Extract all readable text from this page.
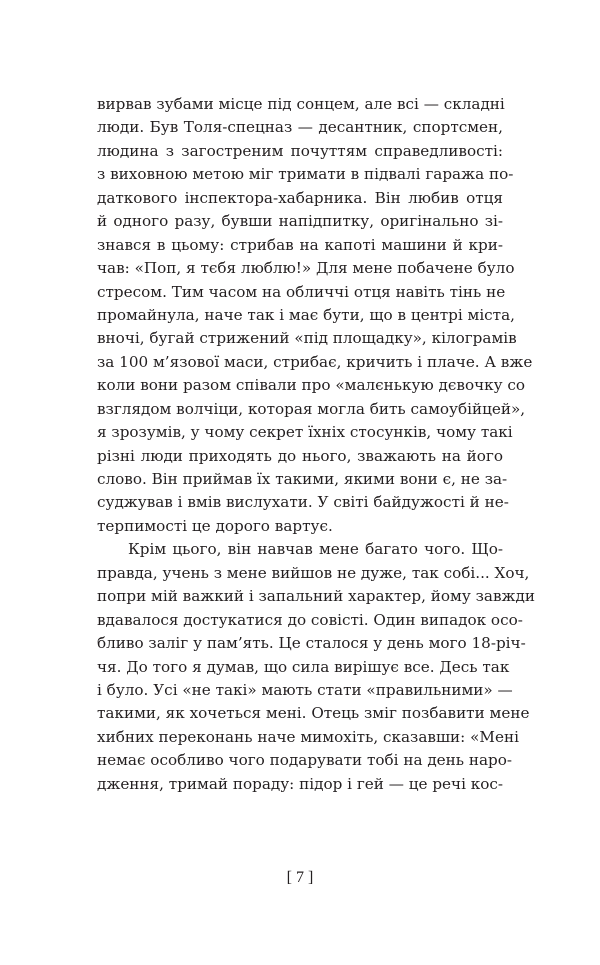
вирвав зубами місце під сонцем, але всі — складні
люди. Був Толя-спецназ — десантник, спортсмен,
людина з загостреним почуттям справедливості:
з виховною метою міг тримати в підвалі гаража по-
даткового інспектора-хабарника. Він любив отця
й одного разу, бувши напідпитку, оригінально зі-
знався в цьому: стрибав на капоті машини й кри-
чав: «Поп, я тєбя люблю!» Для мене побачене було
стресом. Тим часом на обличчі отця навіть тінь не
промайнула, наче так і має бути, що в центрі міста,
вночі, бугай стрижений «під площадку», кілограмів
за 100 м’язової маси, стрибає, кричить і плаче. А вже
коли вони разом співали про «малєнькую дєвочку со
взглядом волчіци, которая могла бить самоубійцей»,
я зрозумів, у чому секрет їхніх стосунків, чому такі
різні люди приходять до нього, зважають на його
слово. Він приймав їх такими, якими вони є, не за-
суджував і вмів вислухати. У світі байдужості й не-
терпимості це дорого вартує.
Крім цього, він навчав мене багато чого. Що-
правда, учень з мене вийшов не дуже, так собі... Хоч,
попри мій важкий і запальний характер, йому завжди
вдавалося достукатися до совісті. Один випадок осо-
бливо заліг у пам’ять. Це сталося у день мого 18-річ-
чя. До того я думав, що сила вирішує все. Десь так
і було. Усі «не такі» мають стати «правильними» —
такими, як хочеться мені. Отець зміг позбавити мене
хибних переконань наче мимохіть, сказавши: «Мені
немає особливо чого подарувати тобі на день наро-
дження, тримай пораду: підор і гей — це речі кос-
[ 7 ]
